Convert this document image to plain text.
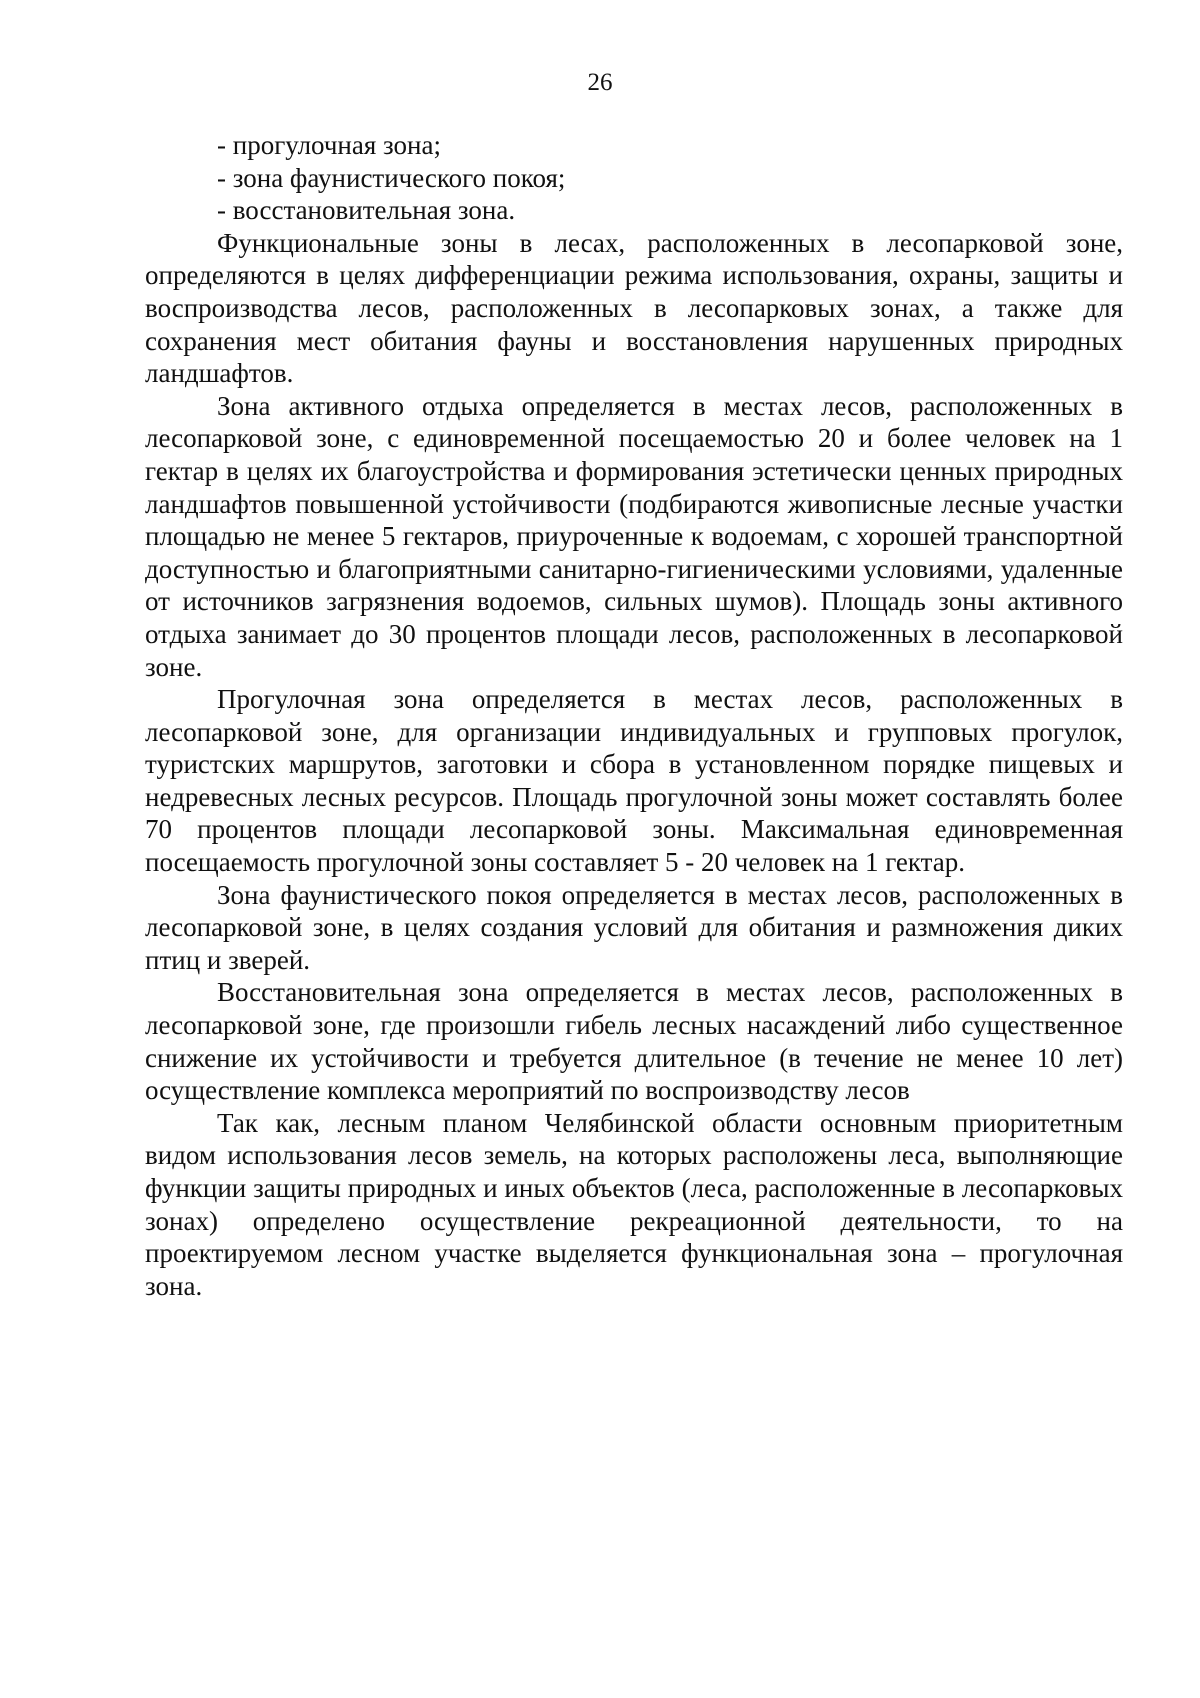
26

- прогулочная зона;

- зона фаунистического покоя;

- восстановительная зона.

Функциональные зоны в лесах, расположенных в лесопарковой зоне, определяются в целях дифференциации режима использования, охраны, защиты и воспроизводства лесов, расположенных в лесопарковых зонах, а также для сохранения мест обитания фауны и восстановления нарушенных природных ландшафтов.

Зона активного отдыха определяется в местах лесов, расположенных в лесопарковой зоне, с единовременной посещаемостью 20 и более человек на 1 гектар в целях их благоустройства и формирования эстетически ценных природных ландшафтов повышенной устойчивости (подбираются живописные лесные участки площадью не менее 5 гектаров, приуроченные к водоемам, с хорошей транспортной доступностью и благоприятными санитарно-гигиеническими условиями, удаленные от источников загрязнения водоемов, сильных шумов). Площадь зоны активного отдыха занимает до 30 процентов площади лесов, расположенных в лесопарковой зоне.

Прогулочная зона определяется в местах лесов, расположенных в лесопарковой зоне, для организации индивидуальных и групповых прогулок, туристских маршрутов, заготовки и сбора в установленном порядке пищевых и недревесных лесных ресурсов. Площадь прогулочной зоны может составлять более 70 процентов площади лесопарковой зоны. Максимальная единовременная посещаемость прогулочной зоны составляет 5 - 20 человек на 1 гектар.

Зона фаунистического покоя определяется в местах лесов, расположенных в лесопарковой зоне, в целях создания условий для обитания и размножения диких птиц и зверей.

Восстановительная зона определяется в местах лесов, расположенных в лесопарковой зоне, где произошли гибель лесных насаждений либо существенное снижение их устойчивости и требуется длительное (в течение не менее 10 лет) осуществление комплекса мероприятий по воспроизводству лесов

Так как, лесным планом Челябинской области основным приоритетным видом использования лесов земель, на которых расположены леса, выполняющие функции защиты природных и иных объектов (леса, расположенные в лесопарковых зонах) определено осуществление рекреационной деятельности, то на проектируемом лесном участке выделяется функциональная зона – прогулочная зона.
